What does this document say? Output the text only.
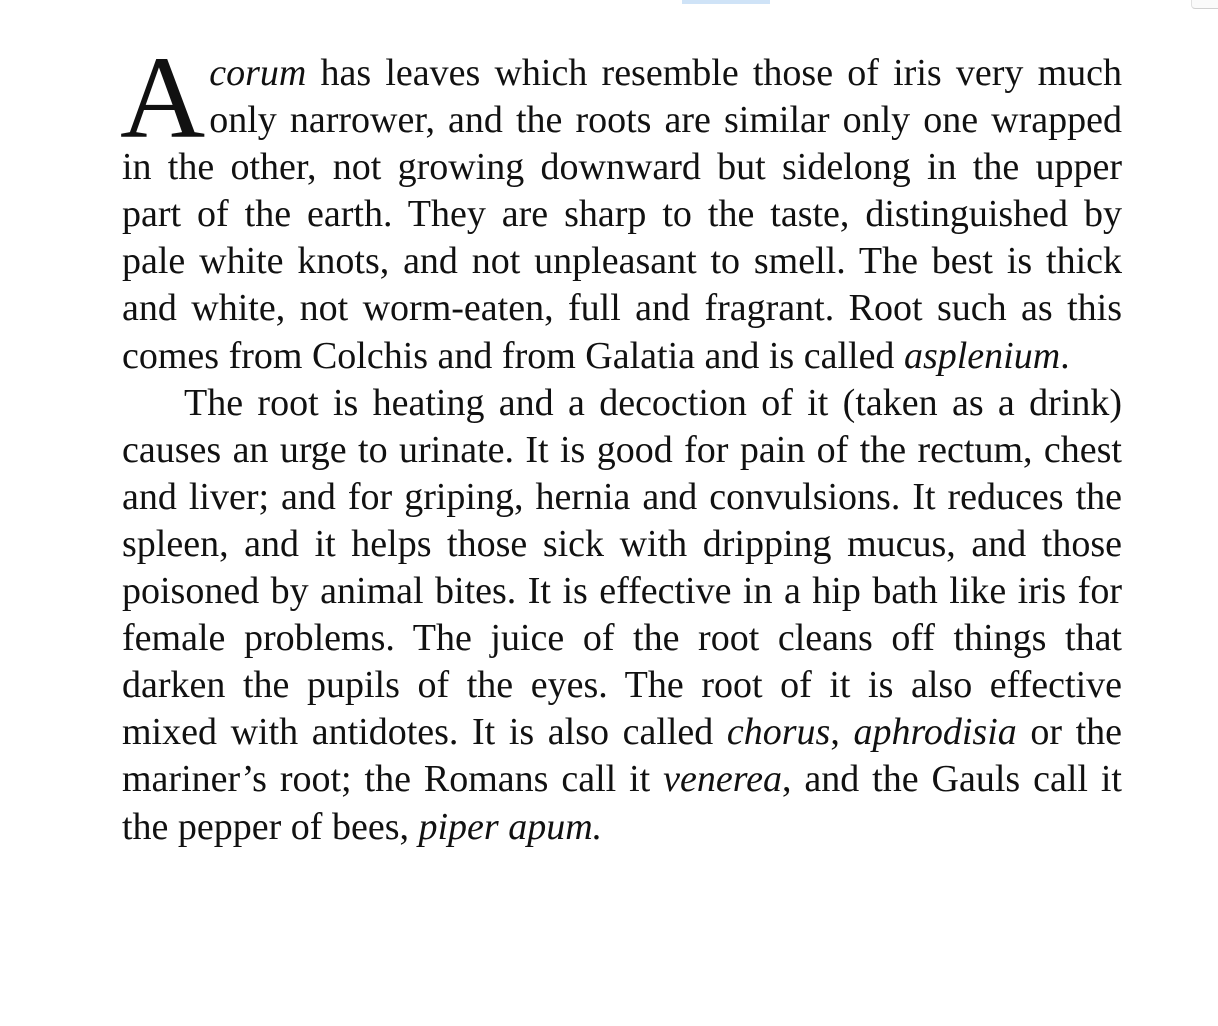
Acorum has leaves which resemble those of iris very much only narrower, and the roots are similar only one wrapped in the other, not growing downward but sidelong in the upper part of the earth. They are sharp to the taste, distinguished by pale white knots, and not unpleasant to smell. The best is thick and white, not worm-eaten, full and fragrant. Root such as this comes from Colchis and from Galatia and is called asplenium.

The root is heating and a decoction of it (taken as a drink) causes an urge to urinate. It is good for pain of the rectum, chest and liver; and for griping, hernia and convulsions. It reduces the spleen, and it helps those sick with dripping mucus, and those poisoned by animal bites. It is effective in a hip bath like iris for female problems. The juice of the root cleans off things that darken the pupils of the eyes. The root of it is also effective mixed with antidotes. It is also called chorus, aphrodisia or the mariner’s root; the Romans call it venerea, and the Gauls call it the pepper of bees, piper apum.
